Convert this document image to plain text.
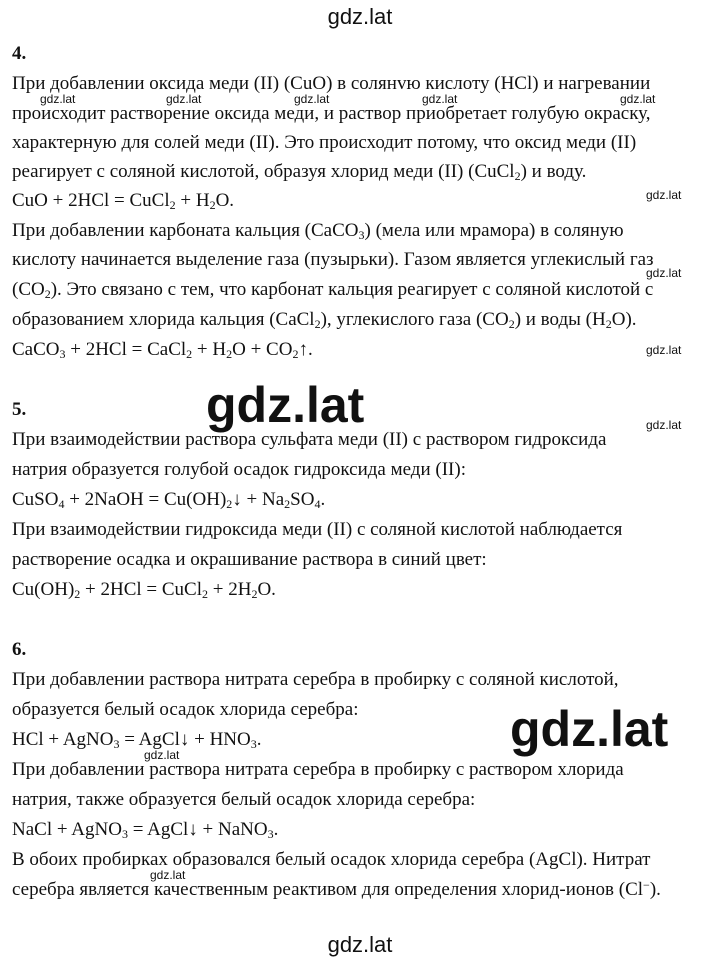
gdz.lat
gdz.lat
gdz.lat
gdz.lat
gdz.lat	gdz.lat	gdz.lat	gdz.lat	gdz.lat
gdz.lat
gdz.lat
gdz.lat
gdz.lat
gdz.lat
gdz.lat
4.
При добавлении оксида меди (II) (CuO) в солянvю кислоту (HCl) и нагревании
происходит растворение оксида меди, и раствор приобретает голубую окраску,
характерную для солей меди (II). Это происходит потому, что оксид меди (II)
реагирует с соляной кислотой, образуя хлорид меди (II) (CuCl$_2$) и воду.
CuO + 2HCl = CuCl$_2$ + $H_2O$.
При добавлении карбоната кальция (CaCO$_3$) (мела или мрамора) в соляную
кислоту начинается выделение газа (пузырьки). Газом является углекислый газ
$(CO_2)$. Это связано с тем, что карбонат кальция реагирует с соляной кислотой с
образованием хлорида кальция (CaCl$_2$), углекислого газа $(CO_2)$ и воды $(H_2O)$.
CaCO$_3$ + 2HCl = CaCl$_2$ + $H_2O$ + $CO_2↑$.
5.
При взаимодействии раствора сульфата меди (II) с раствором гидроксида
натрия образуется голубой осадок гидроксида меди (II):
CuSO$_4$ + 2NaOH = $Cu(OH)_2↓ + Na_2SO_4$.
При взаимодействии гидроксида меди (II) с соляной кислотой наблюдается
растворение осадка и окрашивание раствора в синий цвет:
$Cu(OH)_2 + 2HCl$ = CuCl$_2$ + $2H_2O$.
6.
При добавлении раствора нитрата серебра в пробирку с соляной кислотой,
образуется белый осадок хлорида серебра:
HCl + AgNO$_3$ = AgCl↓ + $HNO_3$.
При добавлении раствора нитрата серебра в пробирку с раствором хлорида
натрия, также образуется белый осадок хлорида серебра:
NaCl + AgNO$_3$ = AgCl↓ + NaNO$_3$.
В обоих пробирках образовался белый осадок хлорида серебра (AgCl). Нитрат
серебра является качественным реактивом для определения хлорид-ионов (Cl−).
